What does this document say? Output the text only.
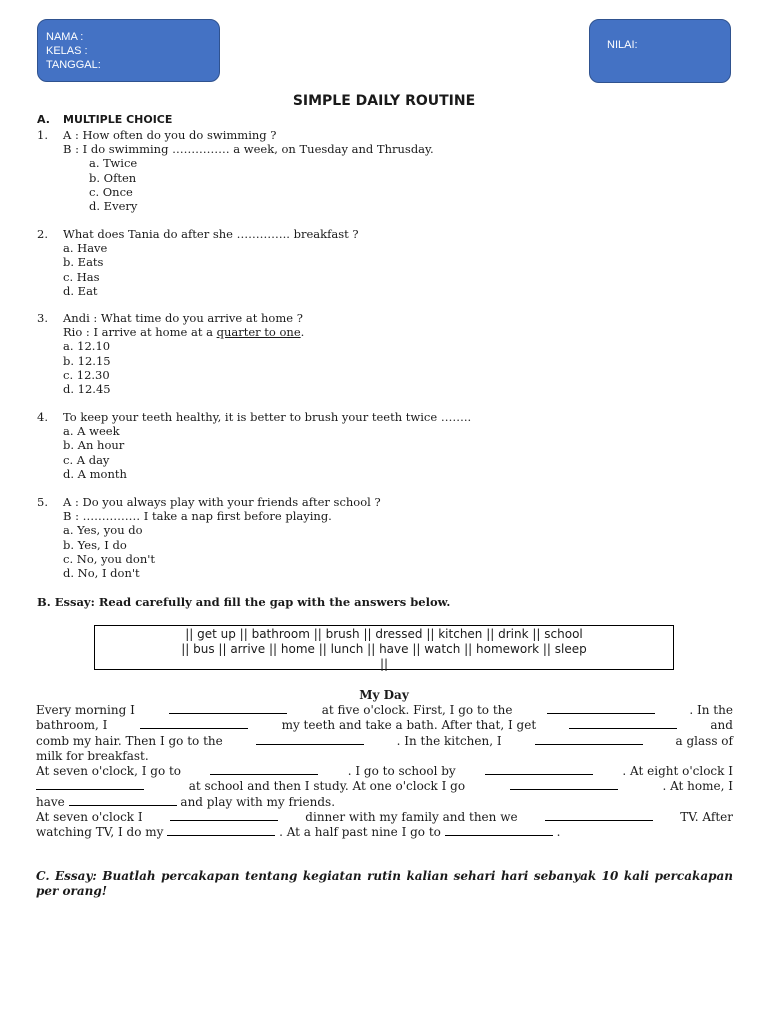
NAMA :
KELAS :
TANGGAL:
NILAI:
SIMPLE DAILY ROUTINE
A. MULTIPLE CHOICE
1. A : How often do you do swimming ?
B : I do swimming …………… a week, on Tuesday and Thrusday.
a. Twice
b. Often
c. Once
d. Every
2. What does Tania do after she ………….. breakfast ?
a. Have
b. Eats
c. Has
d. Eat
3. Andi : What time do you arrive at home ?
Rio : I arrive at home at a quarter to one.
a. 12.10
b. 12.15
c. 12.30
d. 12.45
4. To keep your teeth healthy, it is better to brush your teeth twice ……..
a. A week
b. An hour
c. A day
d. A month
5. A : Do you always play with your friends after school ?
B : …………… I take a nap first before playing.
a. Yes, you do
b. Yes, I do
c. No, you don't
d. No, I don't
B. Essay: Read carefully and fill the gap with the answers below.
|| get up || bathroom || brush || dressed || kitchen || drink || school
|| bus || arrive || home || lunch || have || watch || homework || sleep
||
My Day
Every morning I	at five o'clock. First, I go to the	. In the
bathroom, I	my teeth and take a bath. After that, I get	and
comb my hair. Then I go to the	. In the kitchen, I	a glass of
milk for breakfast.
At seven o'clock, I go to	. I go to school by	. At eight o'clock I
at school and then I study. At one o'clock I go	. At home, I
have

	and play with my friends.
At seven o'clock I	dinner with my family and then we	TV. After
watching TV, I do my

	. At a half past nine I go to

	.
C. Essay: Buatlah percakapan tentang kegiatan rutin kalian sehari hari sebanyak 10 kali percakapan per orang!
